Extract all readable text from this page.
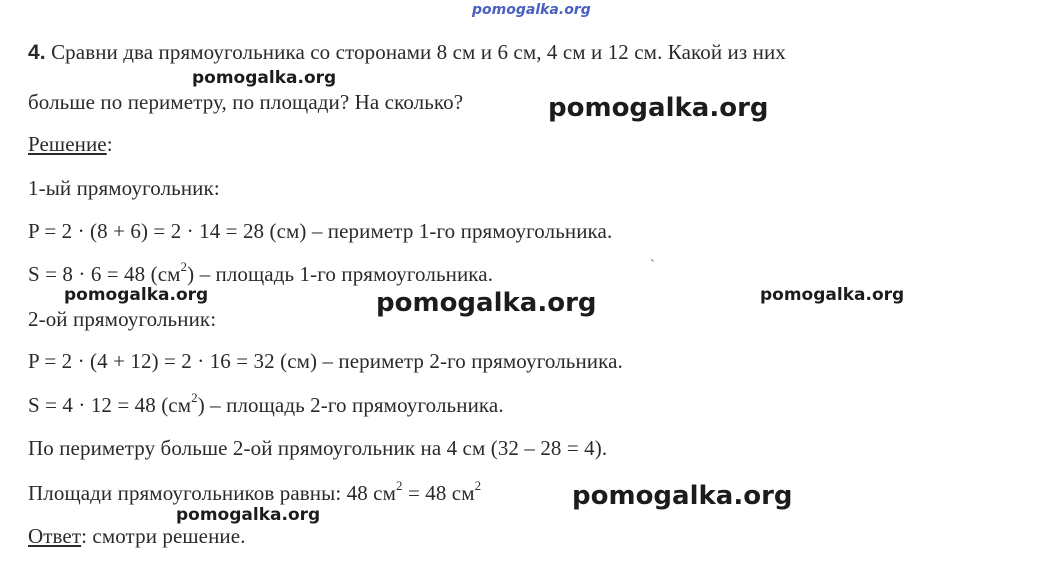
pomogalka.org
4. Сравни два прямоугольника со сторонами 8 см и 6 см, 4 см и 12 см. Какой из них
больше по периметру, по площади? На сколько?
Решение:
1-ый прямоугольник:
P = 2 · (8 + 6) = 2 · 14 = 28 (см) – периметр 1-го прямоугольника.
S = 8 · 6 = 48 $(см^2)$ – площадь 1-го прямоугольника.
2-ой прямоугольник:
P = 2 · (4 + 12) = 2 · 16 = 32 (см) – периметр 2-го прямоугольника.
S = 4 · 12 = 48 $(см^2)$ – площадь 2-го прямоугольника.
По периметру больше 2-ой прямоугольник на 4 см (32 – 28 = 4).
Площади прямоугольников равны: 48 $см^2 = 48$ $см^2$
Ответ: смотри решение.
pomogalka.org
pomogalka.org
pomogalka.org	pomogalka.org	pomogalka.org
pomogalka.org
pomogalka.org
ˋ
